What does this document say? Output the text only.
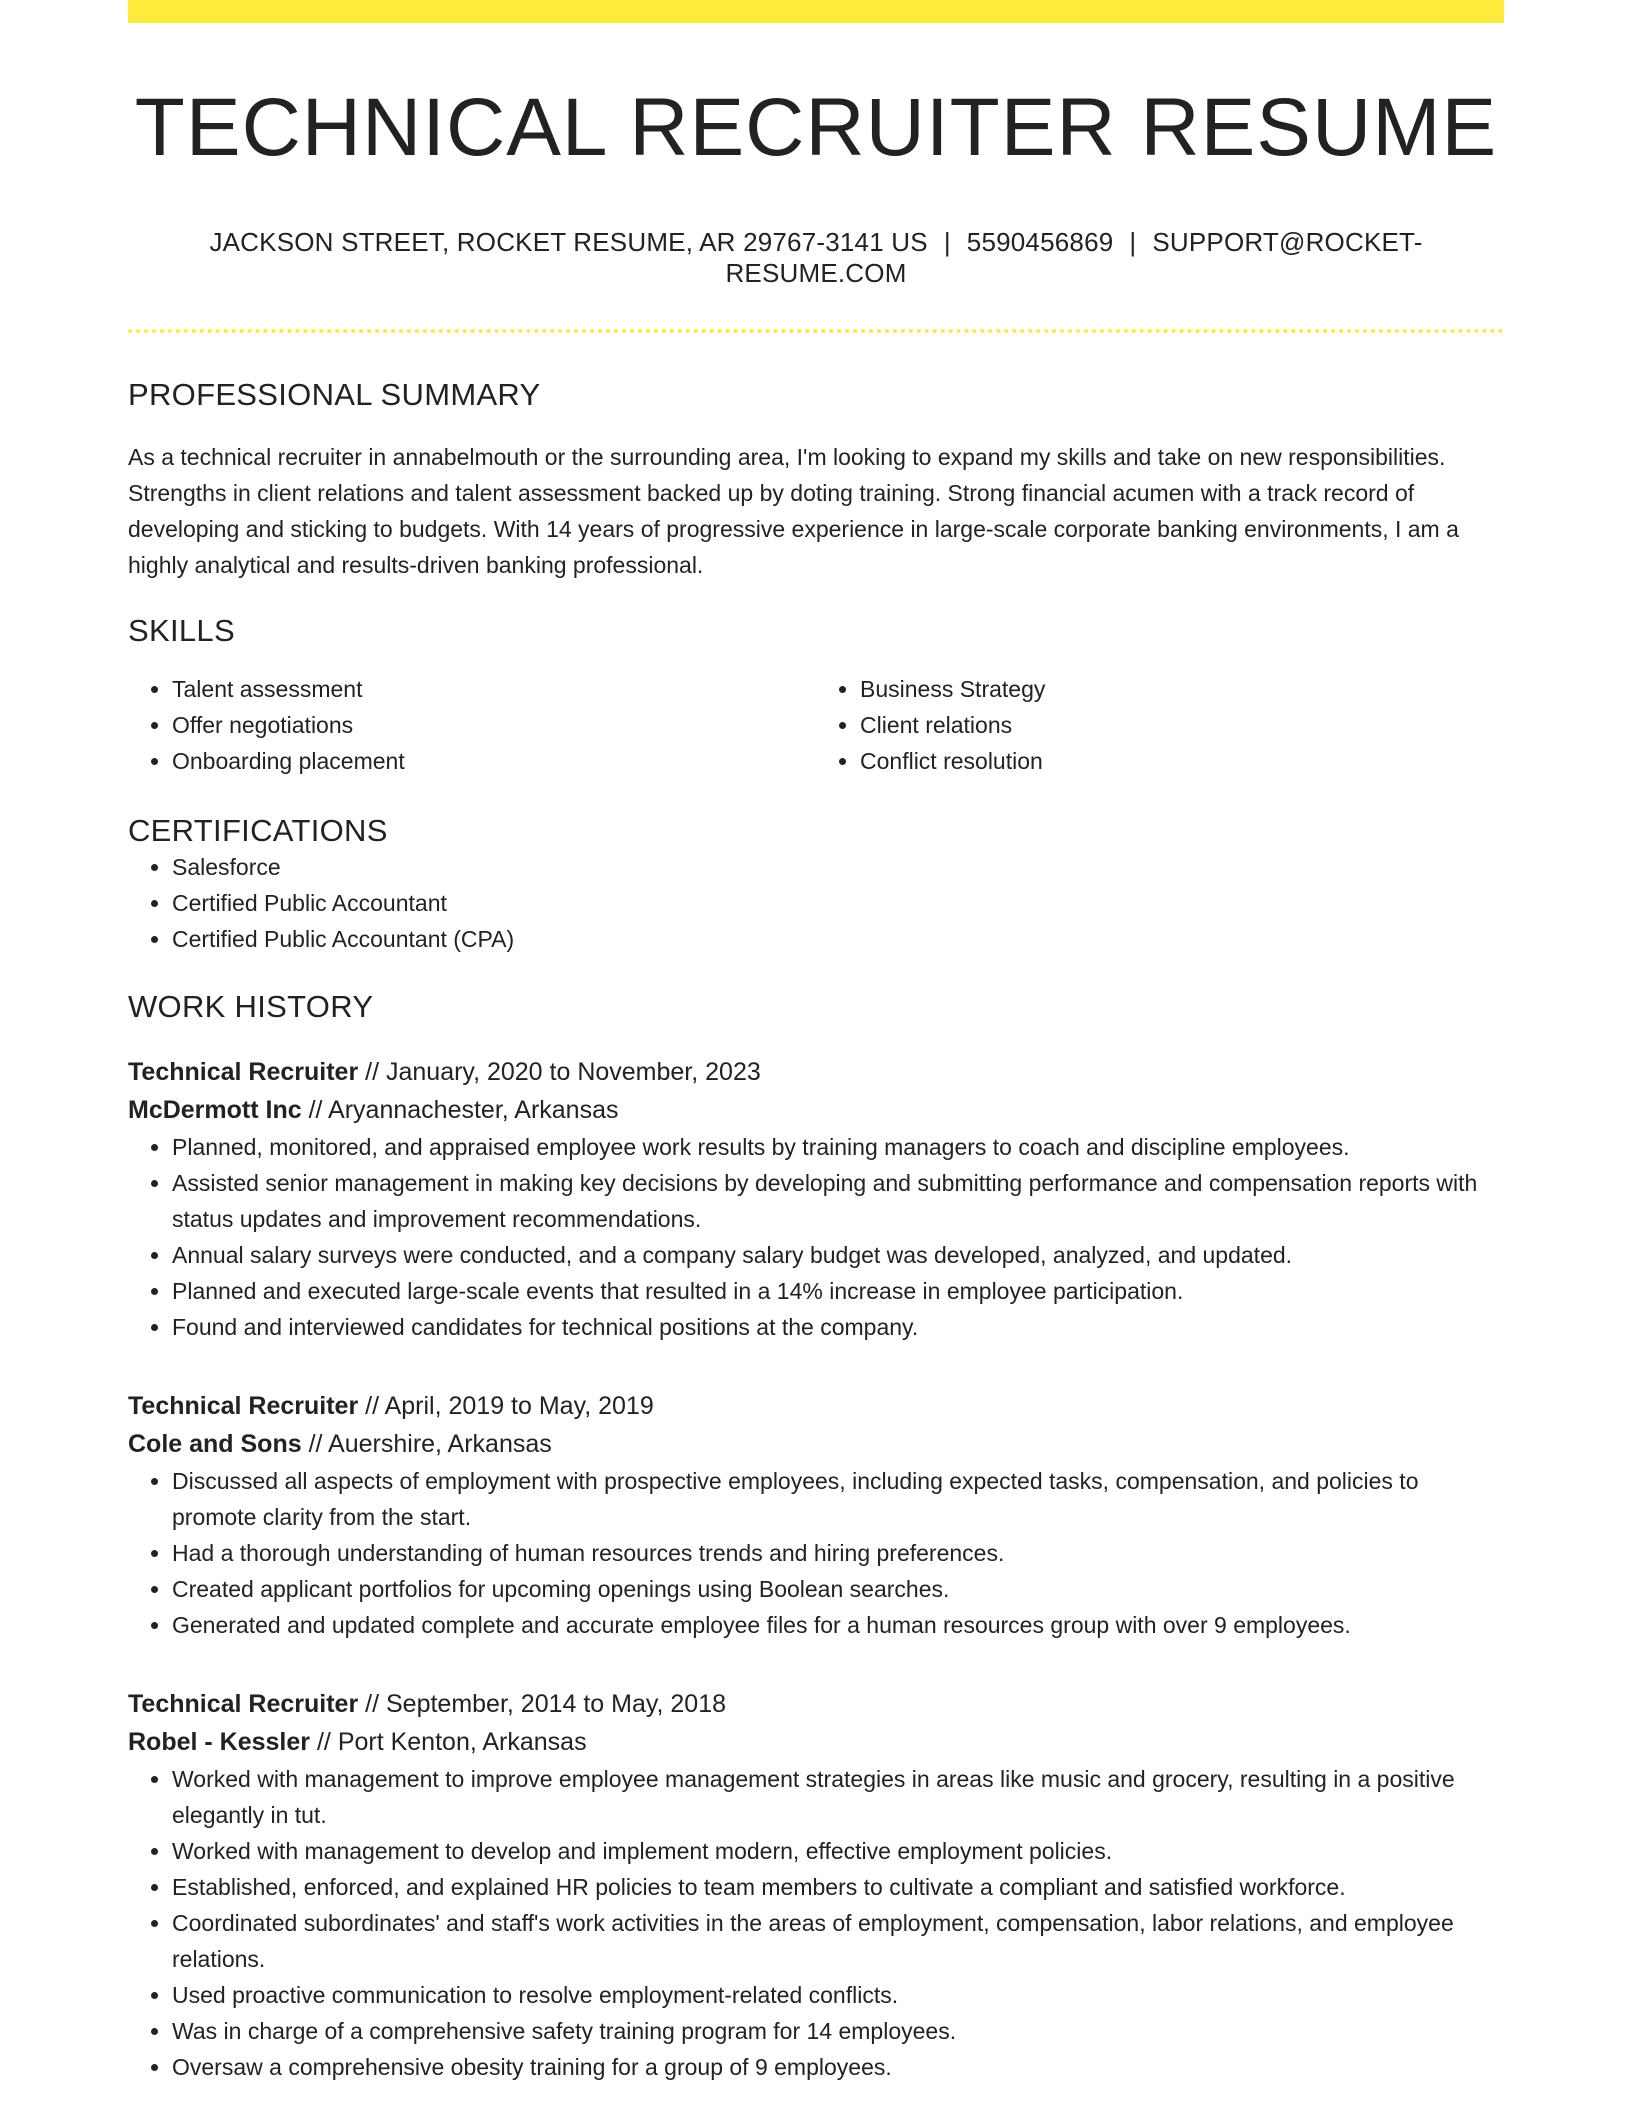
TECHNICAL RECRUITER RESUME
JACKSON STREET, ROCKET RESUME, AR 29767-3141 US | 5590456869 | SUPPORT@ROCKET-RESUME.COM
PROFESSIONAL SUMMARY

As a technical recruiter in annabelmouth or the surrounding area, I'm looking to expand my skills and take on new responsibilities. Strengths in client relations and talent assessment backed up by doting training. Strong financial acumen with a track record of developing and sticking to budgets. With 14 years of progressive experience in large-scale corporate banking environments, I am a highly analytical and results-driven banking professional.

SKILLS
• Talent assessment
• Offer negotiations
• Onboarding placement
• Business Strategy
• Client relations
• Conflict resolution
CERTIFICATIONS
• Salesforce
• Certified Public Accountant
• Certified Public Accountant (CPA)
WORK HISTORY
Technical Recruiter // January, 2020 to November, 2023
McDermott Inc // Aryannachester, Arkansas
• Planned, monitored, and appraised employee work results by training managers to coach and discipline employees.
• Assisted senior management in making key decisions by developing and submitting performance and compensation reports with status updates and improvement recommendations.
• Annual salary surveys were conducted, and a company salary budget was developed, analyzed, and updated.
• Planned and executed large-scale events that resulted in a 14% increase in employee participation.
• Found and interviewed candidates for technical positions at the company.
Technical Recruiter // April, 2019 to May, 2019
Cole and Sons // Auershire, Arkansas
• Discussed all aspects of employment with prospective employees, including expected tasks, compensation, and policies to promote clarity from the start.
• Had a thorough understanding of human resources trends and hiring preferences.
• Created applicant portfolios for upcoming openings using Boolean searches.
• Generated and updated complete and accurate employee files for a human resources group with over 9 employees.
Technical Recruiter // September, 2014 to May, 2018
Robel - Kessler // Port Kenton, Arkansas
• Worked with management to improve employee management strategies in areas like music and grocery, resulting in a positive elegantly in tut.
• Worked with management to develop and implement modern, effective employment policies.
• Established, enforced, and explained HR policies to team members to cultivate a compliant and satisfied workforce.
• Coordinated subordinates' and staff's work activities in the areas of employment, compensation, labor relations, and employee relations.
• Used proactive communication to resolve employment-related conflicts.
• Was in charge of a comprehensive safety training program for 14 employees.
• Oversaw a comprehensive obesity training for a group of 9 employees.
